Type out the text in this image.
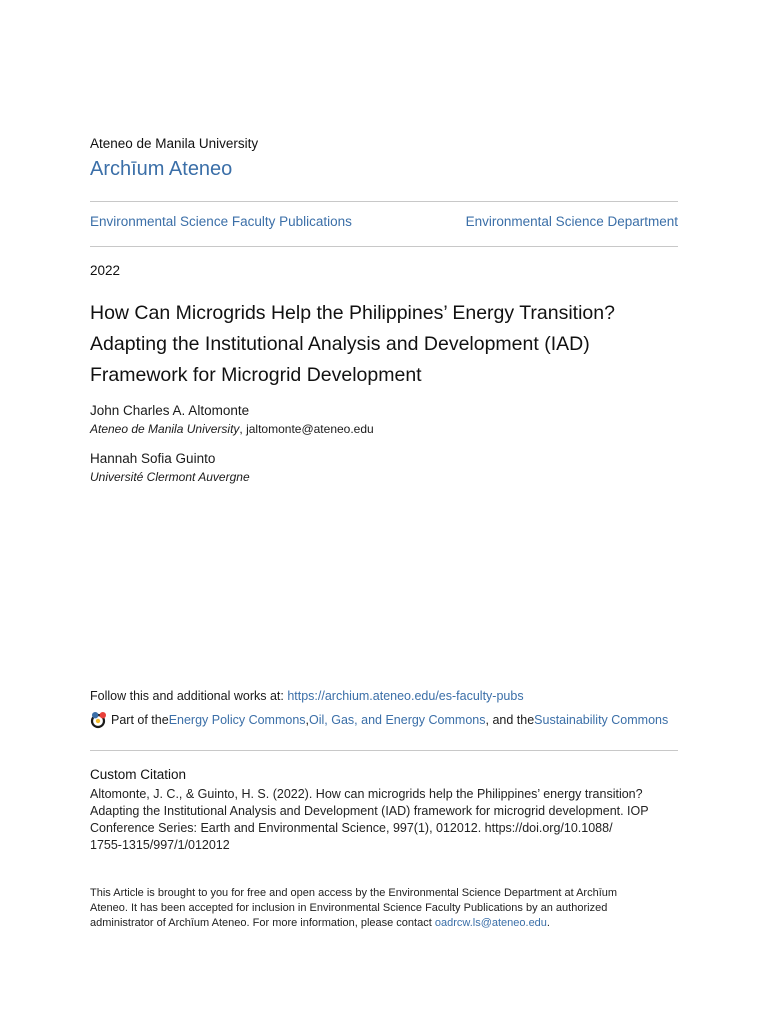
Ateneo de Manila University
Archīum Ateneo
Environmental Science Faculty Publications	Environmental Science Department
2022
How Can Microgrids Help the Philippines’ Energy Transition?
Adapting the Institutional Analysis and Development (IAD)
Framework for Microgrid Development
John Charles A. Altomonte
Ateneo de Manila University, jaltomonte@ateneo.edu
Hannah Sofia Guinto
Université Clermont Auvergne
Follow this and additional works at: https://archium.ateneo.edu/es-faculty-pubs
Part of the Energy Policy Commons , Oil, Gas, and Energy Commons , and the Sustainability Commons
Custom Citation
Altomonte, J. C., & Guinto, H. S. (2022). How can microgrids help the Philippines’ energy transition?
Adapting the Institutional Analysis and Development (IAD) framework for microgrid development. IOP
Conference Series: Earth and Environmental Science, 997(1), 012012. https://doi.org/10.1088/
1755-1315/997/1/012012
This Article is brought to you for free and open access by the Environmental Science Department at Archīum
Ateneo. It has been accepted for inclusion in Environmental Science Faculty Publications by an authorized
administrator of Archīum Ateneo. For more information, please contact oadrcw.ls@ateneo.edu.
